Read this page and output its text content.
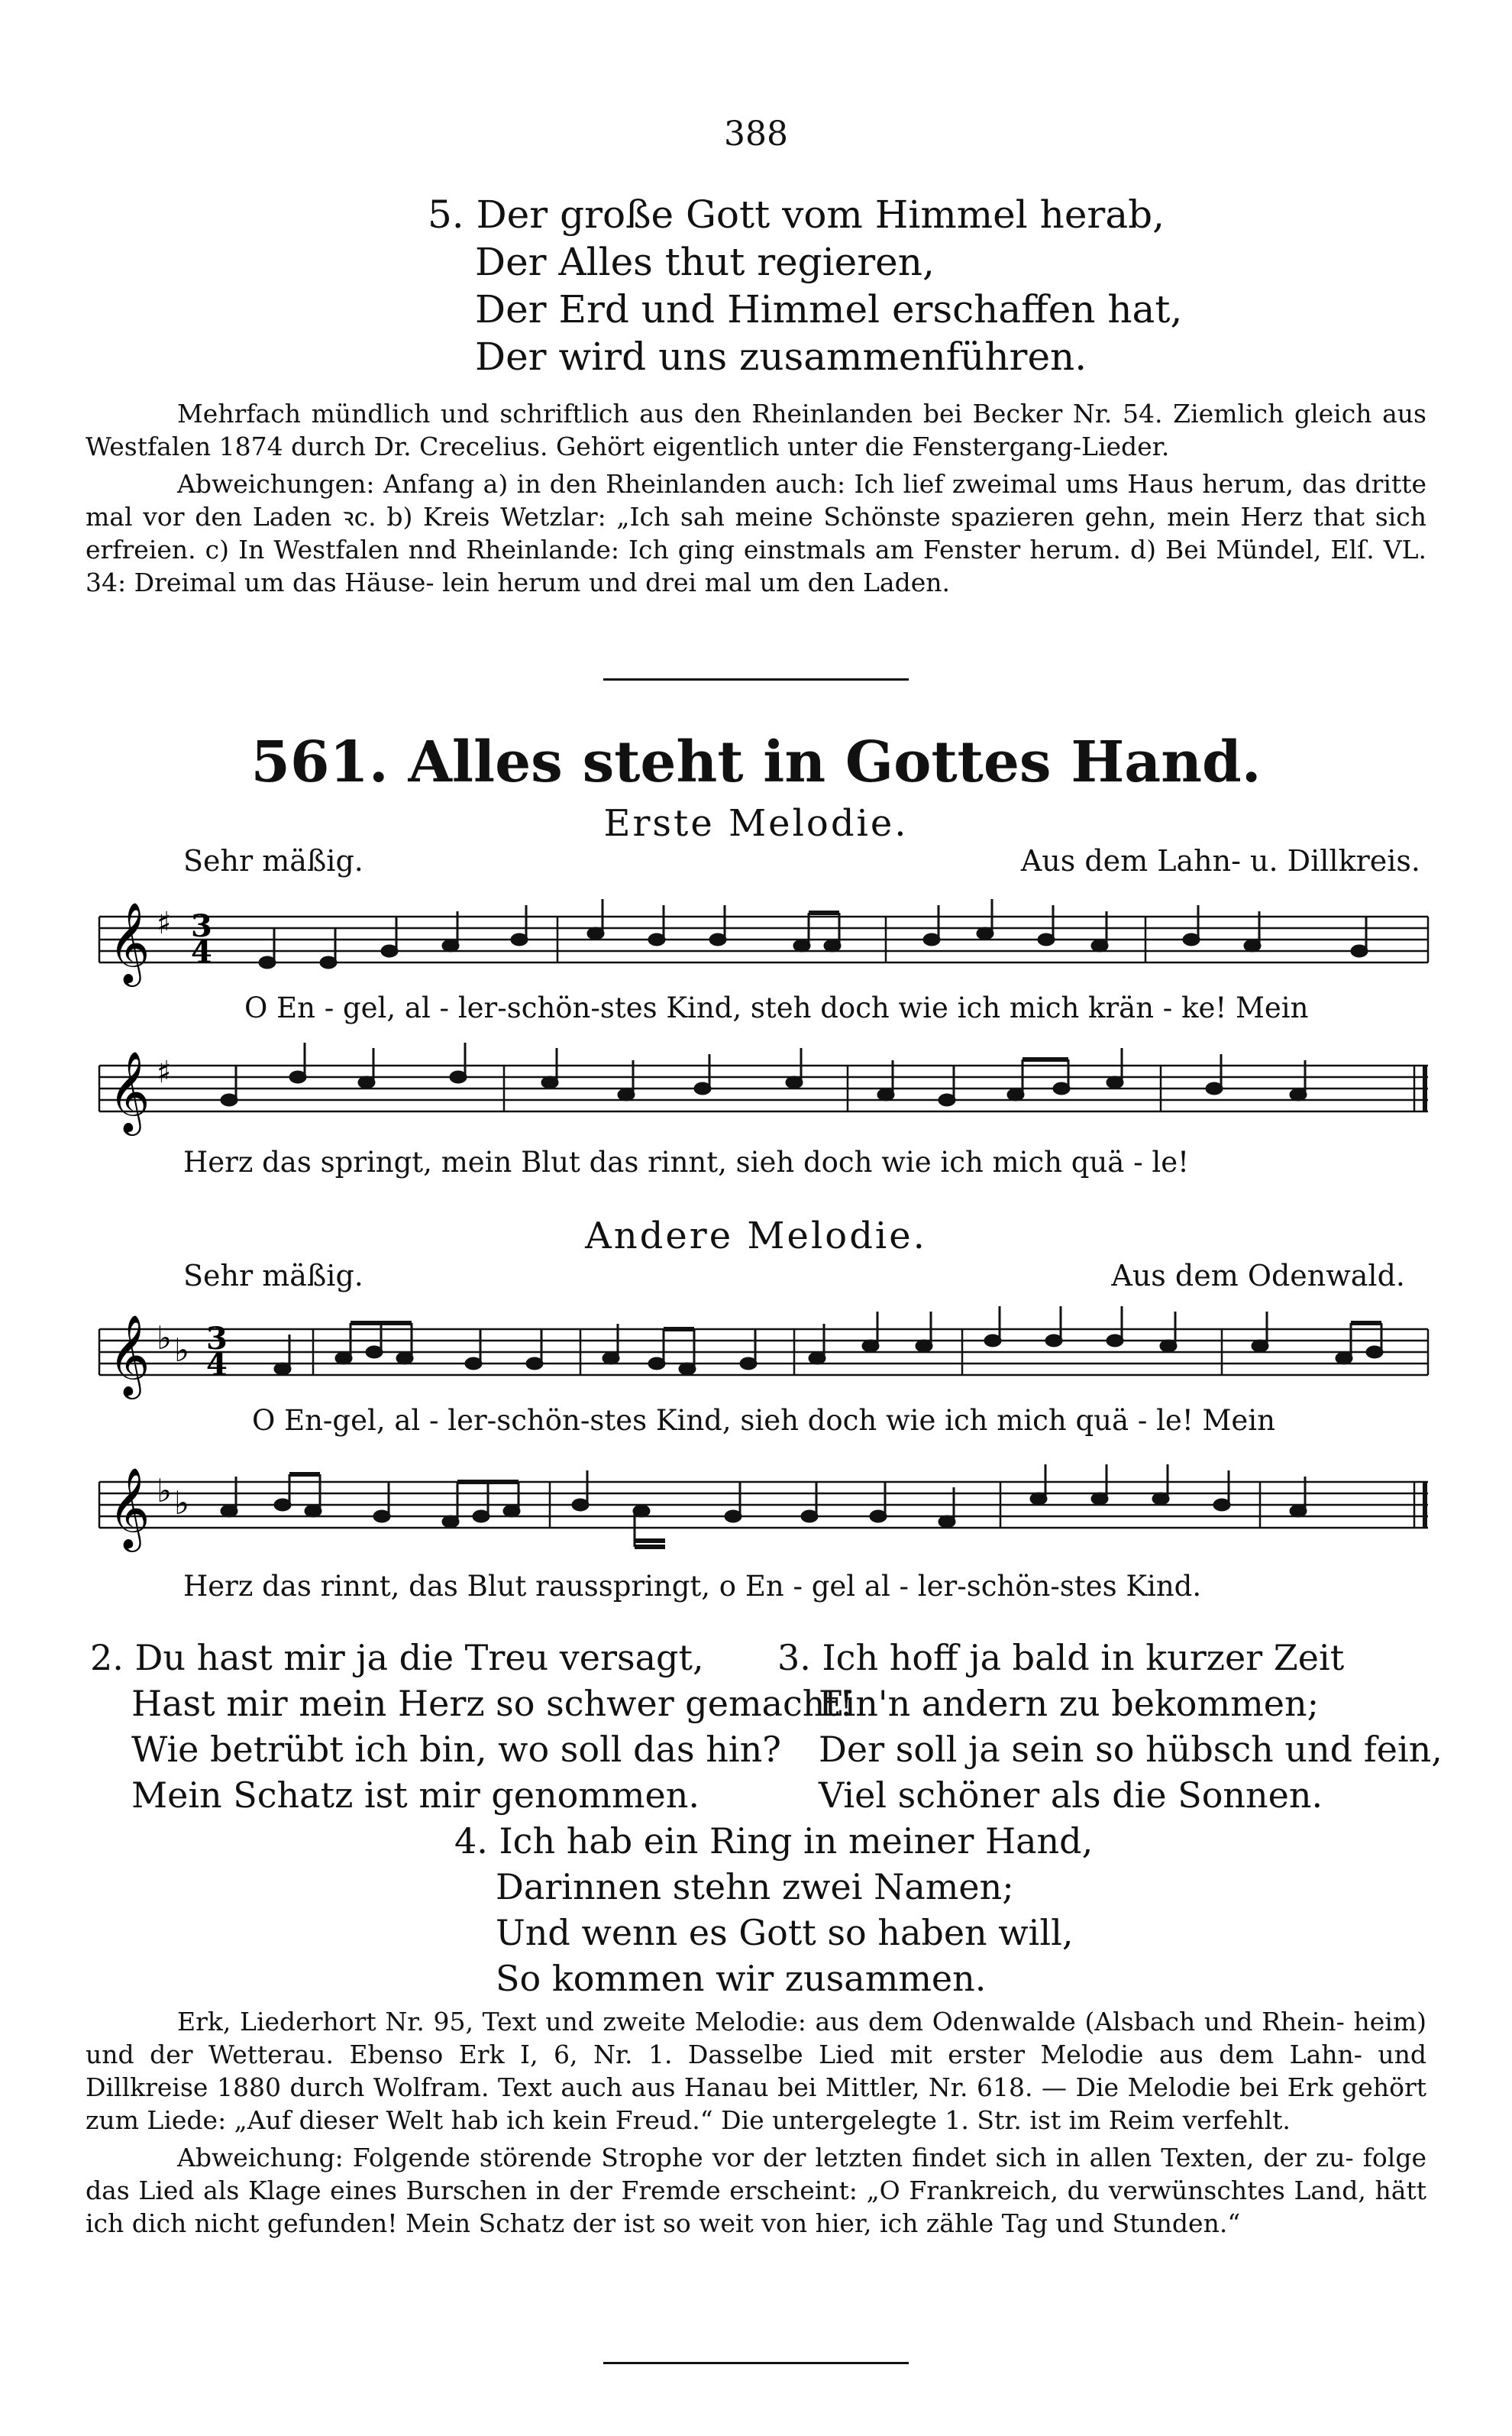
388
5. Der große Gott vom Himmel herab,
Der Alles thut regieren,
Der Erd und Himmel erschaffen hat,
Der wird uns zusammenführen.

Mehrfach mündlich und schriftlich aus den Rheinlanden bei Becker Nr. 54. Ziemlich gleich aus Westfalen 1874 durch Dr. Crecelius. Gehört eigentlich unter die Fenstergang-Lieder.

Abweichungen: Anfang a) in den Rheinlanden auch: Ich lief zweimal ums Haus herum, das dritte mal vor den Laden ꝛc. b) Kreis Wetzlar: „Ich sah meine Schönste spazieren gehn, mein Herz that sich erfreien. c) In Westfalen nnd Rheinlande: Ich ging einstmals am Fenster herum. d) Bei Mündel, Elſ. VL. 34: Dreimal um das Häuse- lein herum und drei mal um den Laden.

561. Alles steht in Gottes Hand.
Erste Melodie.
Sehr mäßig.	Aus dem Lahn- u. Dillkreis.
𝄞 ♯ 3
4
O En - gel, al - ler-schön-stes Kind, steh doch wie ich mich krän - ke! Mein
𝄞 ♯
Herz das springt, mein Blut das rinnt, sieh doch wie ich mich quä - le!
Andere Melodie.
Sehr mäßig.	Aus dem Odenwald.
𝄞 ♭ ♭ 3
4
O En-gel, al - ler-schön-stes Kind, sieh doch wie ich mich quä - le! Mein
𝄞 ♭ ♭
Herz das rinnt, das Blut rausspringt, o En - gel al - ler-schön-stes Kind.
2. Du hast mir ja die Treu versagt,
Hast mir mein Herz so schwer gemacht!
Wie betrübt ich bin, wo soll das hin?
Mein Schatz ist mir genommen.
3. Ich hoff ja bald in kurzer Zeit
Ein'n andern zu bekommen;
Der soll ja sein so hübsch und fein,
Viel schöner als die Sonnen.
4. Ich hab ein Ring in meiner Hand,
Darinnen stehn zwei Namen;
Und wenn es Gott so haben will,
So kommen wir zusammen.

Erk, Liederhort Nr. 95, Text und zweite Melodie: aus dem Odenwalde (Alsbach und Rhein- heim) und der Wetterau. Ebenso Erk I, 6, Nr. 1. Dasselbe Lied mit erster Melodie aus dem Lahn- und Dillkreise 1880 durch Wolfram. Text auch aus Hanau bei Mittler, Nr. 618. — Die Melodie bei Erk gehört zum Liede: „Auf dieser Welt hab ich kein Freud.“ Die untergelegte 1. Str. ist im Reim verfehlt.

Abweichung: Folgende störende Strophe vor der letzten findet sich in allen Texten, der zu- folge das Lied als Klage eines Burschen in der Fremde erscheint: „O Frankreich, du verwünschtes Land, hätt ich dich nicht gefunden! Mein Schatz der ist so weit von hier, ich zähle Tag und Stunden.“
